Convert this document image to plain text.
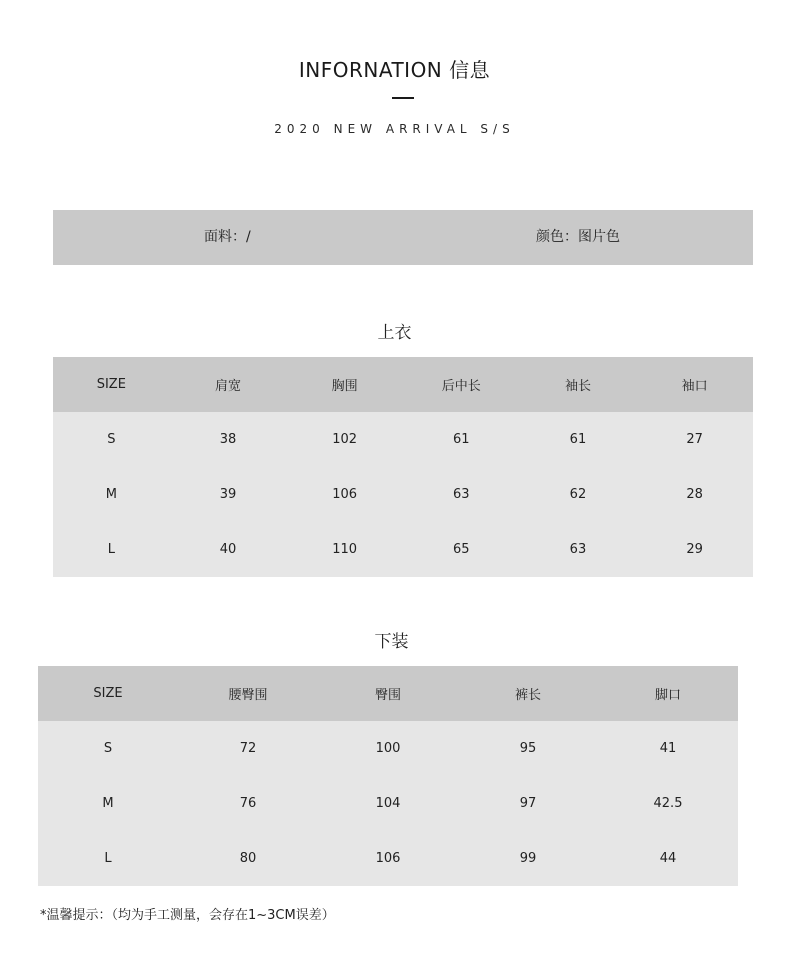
INFORNATION 信息
2020 NEW ARRIVAL S/S
面料：/	颜色：图片色
上衣
SIZE	肩宽	胸围	后中长	袖长	袖口
S	38	102	61	61	27
M	39	106	63	62	28
L	40	110	65	63	29
下装
SIZE	腰臀围	臀围	裤长	脚口
S	72	100	95	41
M	76	104	97	42.5
L	80	106	99	44
*温馨提示：（均为手工测量，会存在1~3CM误差）
